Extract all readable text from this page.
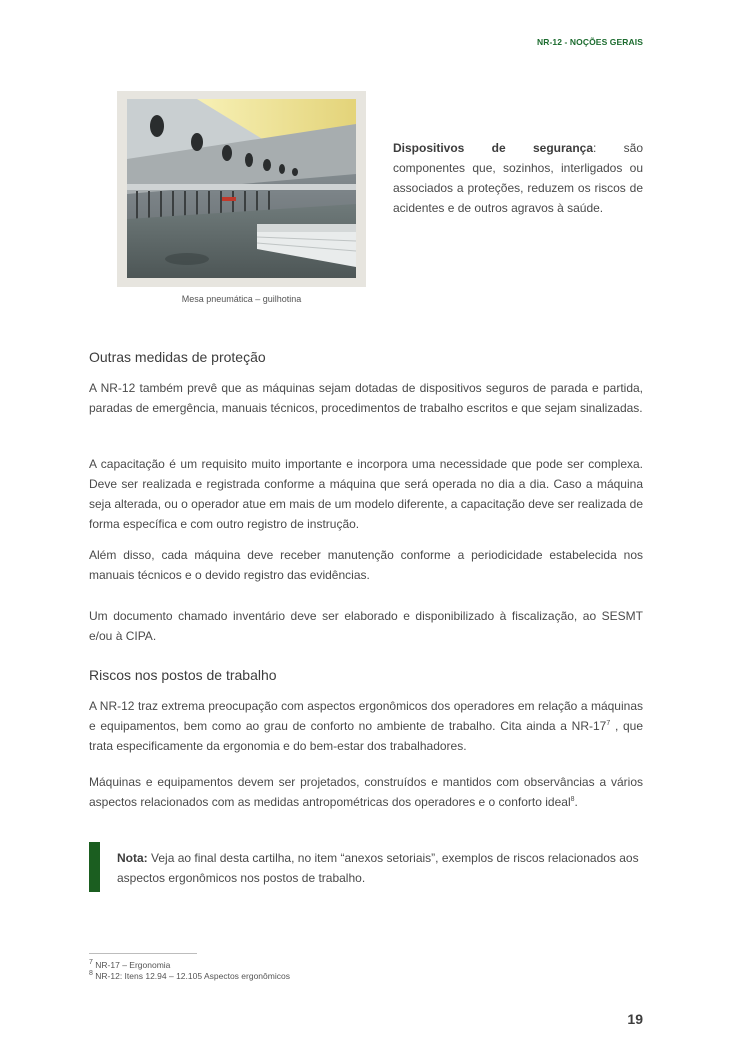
NR-12 - NOÇÕES GERAIS
Mesa pneumática – guilhotina
Dispositivos de segurança: são componentes que, sozinhos, interligados ou associados a proteções, reduzem os riscos de acidentes e de outros agravos à saúde.
Outras medidas de proteção
A NR-12 também prevê que as máquinas sejam dotadas de dispositivos seguros de parada e partida, paradas de emergência, manuais técnicos, procedimentos de trabalho escritos e que sejam sinalizadas.
A capacitação é um requisito muito importante e incorpora uma necessidade que pode ser complexa. Deve ser realizada e registrada conforme a máquina que será operada no dia a dia. Caso a máquina seja alterada, ou o operador atue em mais de um modelo diferente, a capacitação deve ser realizada de forma específica e com outro registro de instrução.
Além disso, cada máquina deve receber manutenção conforme a periodicidade estabelecida nos manuais técnicos e o devido registro das evidências.
Um documento chamado inventário deve ser elaborado e disponibilizado à fiscalização, ao SESMT e/ou à CIPA.
Riscos nos postos de trabalho
A NR-12 traz extrema preocupação com aspectos ergonômicos dos operadores em relação a máquinas e equipamentos, bem como ao grau de conforto no ambiente de trabalho. Cita ainda a $NR-17^7$ , que trata especificamente da ergonomia e do bem-estar dos trabalhadores.
Máquinas e equipamentos devem ser projetados, construídos e mantidos com observâncias a vários aspectos relacionados com as medidas antropométricas dos operadores e o conforto ideal$^8$.
Nota: Veja ao final desta cartilha, no item “anexos setoriais”, exemplos de riscos relacionados aos aspectos ergonômicos nos postos de trabalho.
$^7$ NR-17 – Ergonomia
$^8$ NR-12: Itens 12.94 – 12.105 Aspectos ergonômicos
19
